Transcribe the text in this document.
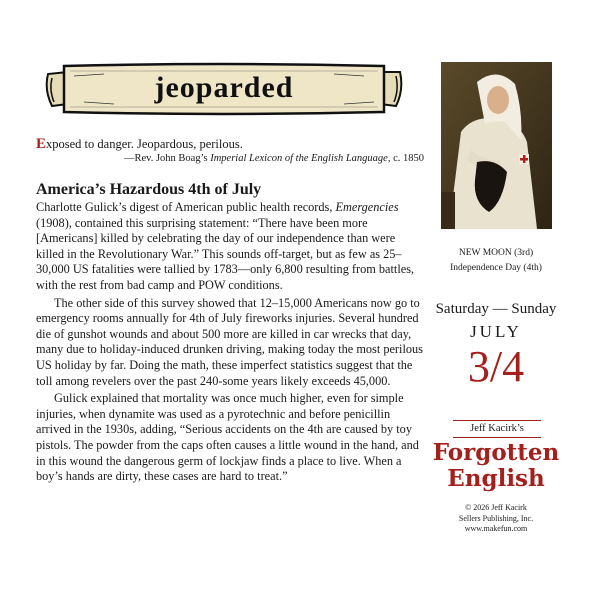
jeoparded
Exposed to danger. Jeopardous, perilous.
—Rev. John Boag’s Imperial Lexicon of the English Language, c. 1850
America’s Hazardous 4th of July

Charlotte Gulick’s digest of American public health records, Emergencies (1908), contained this surprising statement: “There have been more [Americans] killed by celebrating the day of our independence than were killed in the Revolutionary War.” This sounds off-target, but as few as 25–30,000 US fatalities were tallied by 1783—only 6,800 resulting from battles, with the rest from bad camp and POW conditions.

The other side of this survey showed that 12–15,000 Americans now go to emergency rooms annually for 4th of July fireworks injuries. Several hundred die of gunshot wounds and about 500 more are killed in car wrecks that day, many due to holiday-induced drunken driving, making today the most perilous US holiday by far. Doing the math, these imperfect statistics suggest that the toll among revelers over the past 240-some years likely exceeds 45,000.

Gulick explained that mortality was once much higher, even for simple injuries, when dynamite was used as a pyrotechnic and before penicillin arrived in the 1930s, adding, “Serious accidents on the 4th are caused by toy pistols. The powder from the caps often causes a little wound in the hand, and in this wound the dangerous germ of lockjaw finds a place to live. When a boy’s hands are dirty, these cases are hard to treat.”

NEW MOON (3rd)
Independence Day (4th)
Saturday — Sunday
JULY
3/4
Jeff Kacirk’s
Forgotten
English
© 2026 Jeff Kacirk
Sellers Publishing, Inc.
www.makefun.com
